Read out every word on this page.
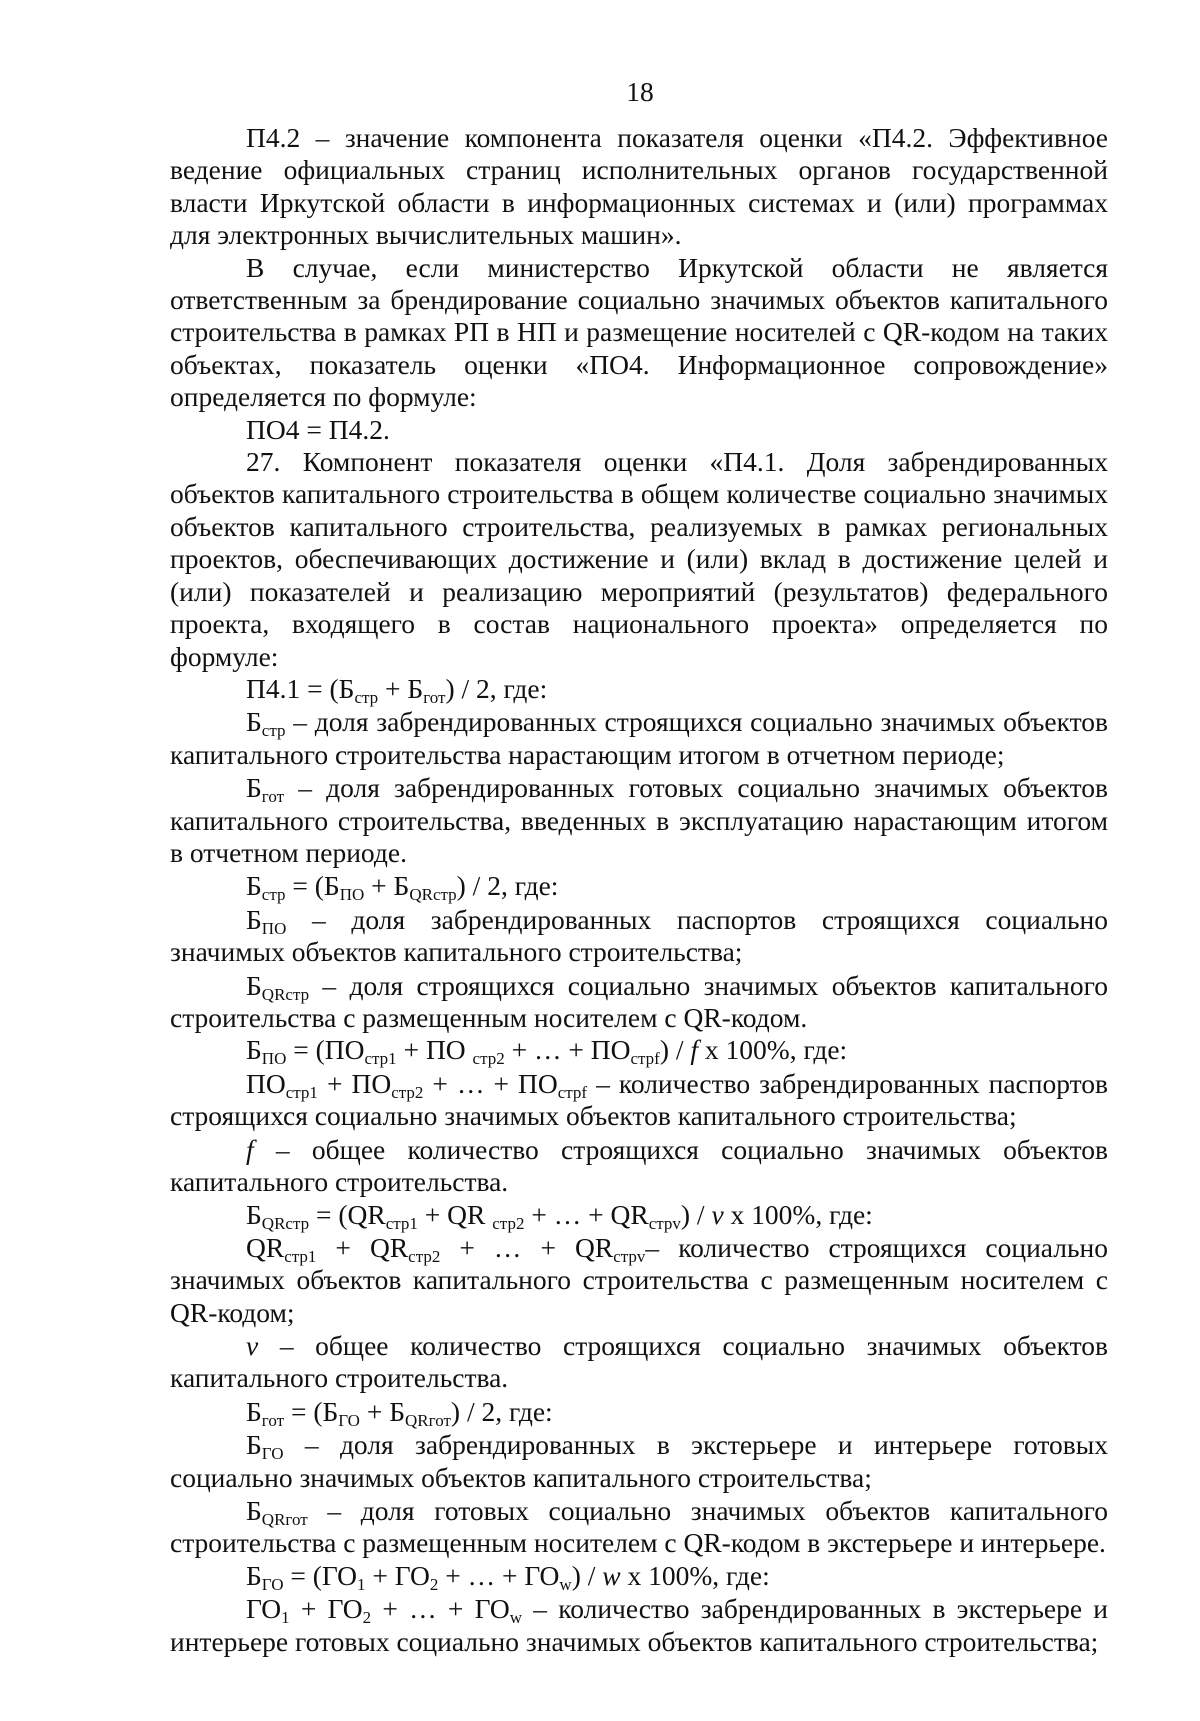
18

П4.2 – значение компонента показателя оценки «П4.2. Эффективное ведение официальных страниц исполнительных органов государственной власти Иркутской области в информационных системах и (или) программах для электронных вычислительных машин».

В случае, если министерство Иркутской области не является ответственным за брендирование социально значимых объектов капитального строительства в рамках РП в НП и размещение носителей с QR-кодом на таких объектах, показатель оценки «ПО4. Информационное сопровождение» определяется по формуле:

ПО4 = П4.2.

27. Компонент показателя оценки «П4.1. Доля забрендированных объектов капитального строительства в общем количестве социально значимых объектов капитального строительства, реализуемых в рамках региональных проектов, обеспечивающих достижение и (или) вклад в достижение целей и (или) показателей и реализацию мероприятий (результатов) федерального проекта, входящего в состав национального проекта» определяется по формуле:

$П4.1 = (Б_{стр} + Б_{гот}) / 2$, где:

$Б_{стр}$ – доля забрендированных строящихся социально значимых объектов капитального строительства нарастающим итогом в отчетном периоде;

$Б_{гот}$ – доля забрендированных готовых социально значимых объектов капитального строительства, введенных в эксплуатацию нарастающим итогом в отчетном периоде.

$Б_{стр} = (Б_{ПО} + Б_{QRстр}) / 2$, где:

$Б_{ПО}$ – доля забрендированных паспортов строящихся социально значимых объектов капитального строительства;

$Б_{QRстр}$ – доля строящихся социально значимых объектов капитального строительства с размещенным носителем с QR-кодом.

$Б_{ПО} = (ПО_{стр1}$ + ПО $_{стр2}$ + … + $ПО_{стрf}$) / f х 100%, где:

$ПО_{стр1} + ПО_{стр2}$ + … + $ПО_{стрf}$ – количество забрендированных паспортов строящихся социально значимых объектов капитального строительства;

f – общее количество строящихся социально значимых объектов капитального строительства.

$Б_{QRстр} = (QR_{стр1}$ + QR $_{стр2}$ + … + $QR_{стрv}$) / v х 100%, где:

$QR_{стр1} + QR_{стр2}$ + … + $QR_{стрv}-$ количество строящихся социально значимых объектов капитального строительства с размещенным носителем с QR-кодом;

v – общее количество строящихся социально значимых объектов капитального строительства.

$Б_{гот} = (Б_{ГО} + Б_{QRгот}) / 2$, где:

$Б_{ГО}$ – доля забрендированных в экстерьере и интерьере готовых социально значимых объектов капитального строительства;

$Б_{QRгот}$ – доля готовых социально значимых объектов капитального строительства с размещенным носителем с QR-кодом в экстерьере и интерьере.

$Б_{ГО} = (ГО_1 + ГО_2$ + … + $ГО_w$) / w х 100%, где:

$ГО_1 + ГО_2$ + … + $ГО_w$ – количество забрендированных в экстерьере и интерьере готовых социально значимых объектов капитального строительства;
